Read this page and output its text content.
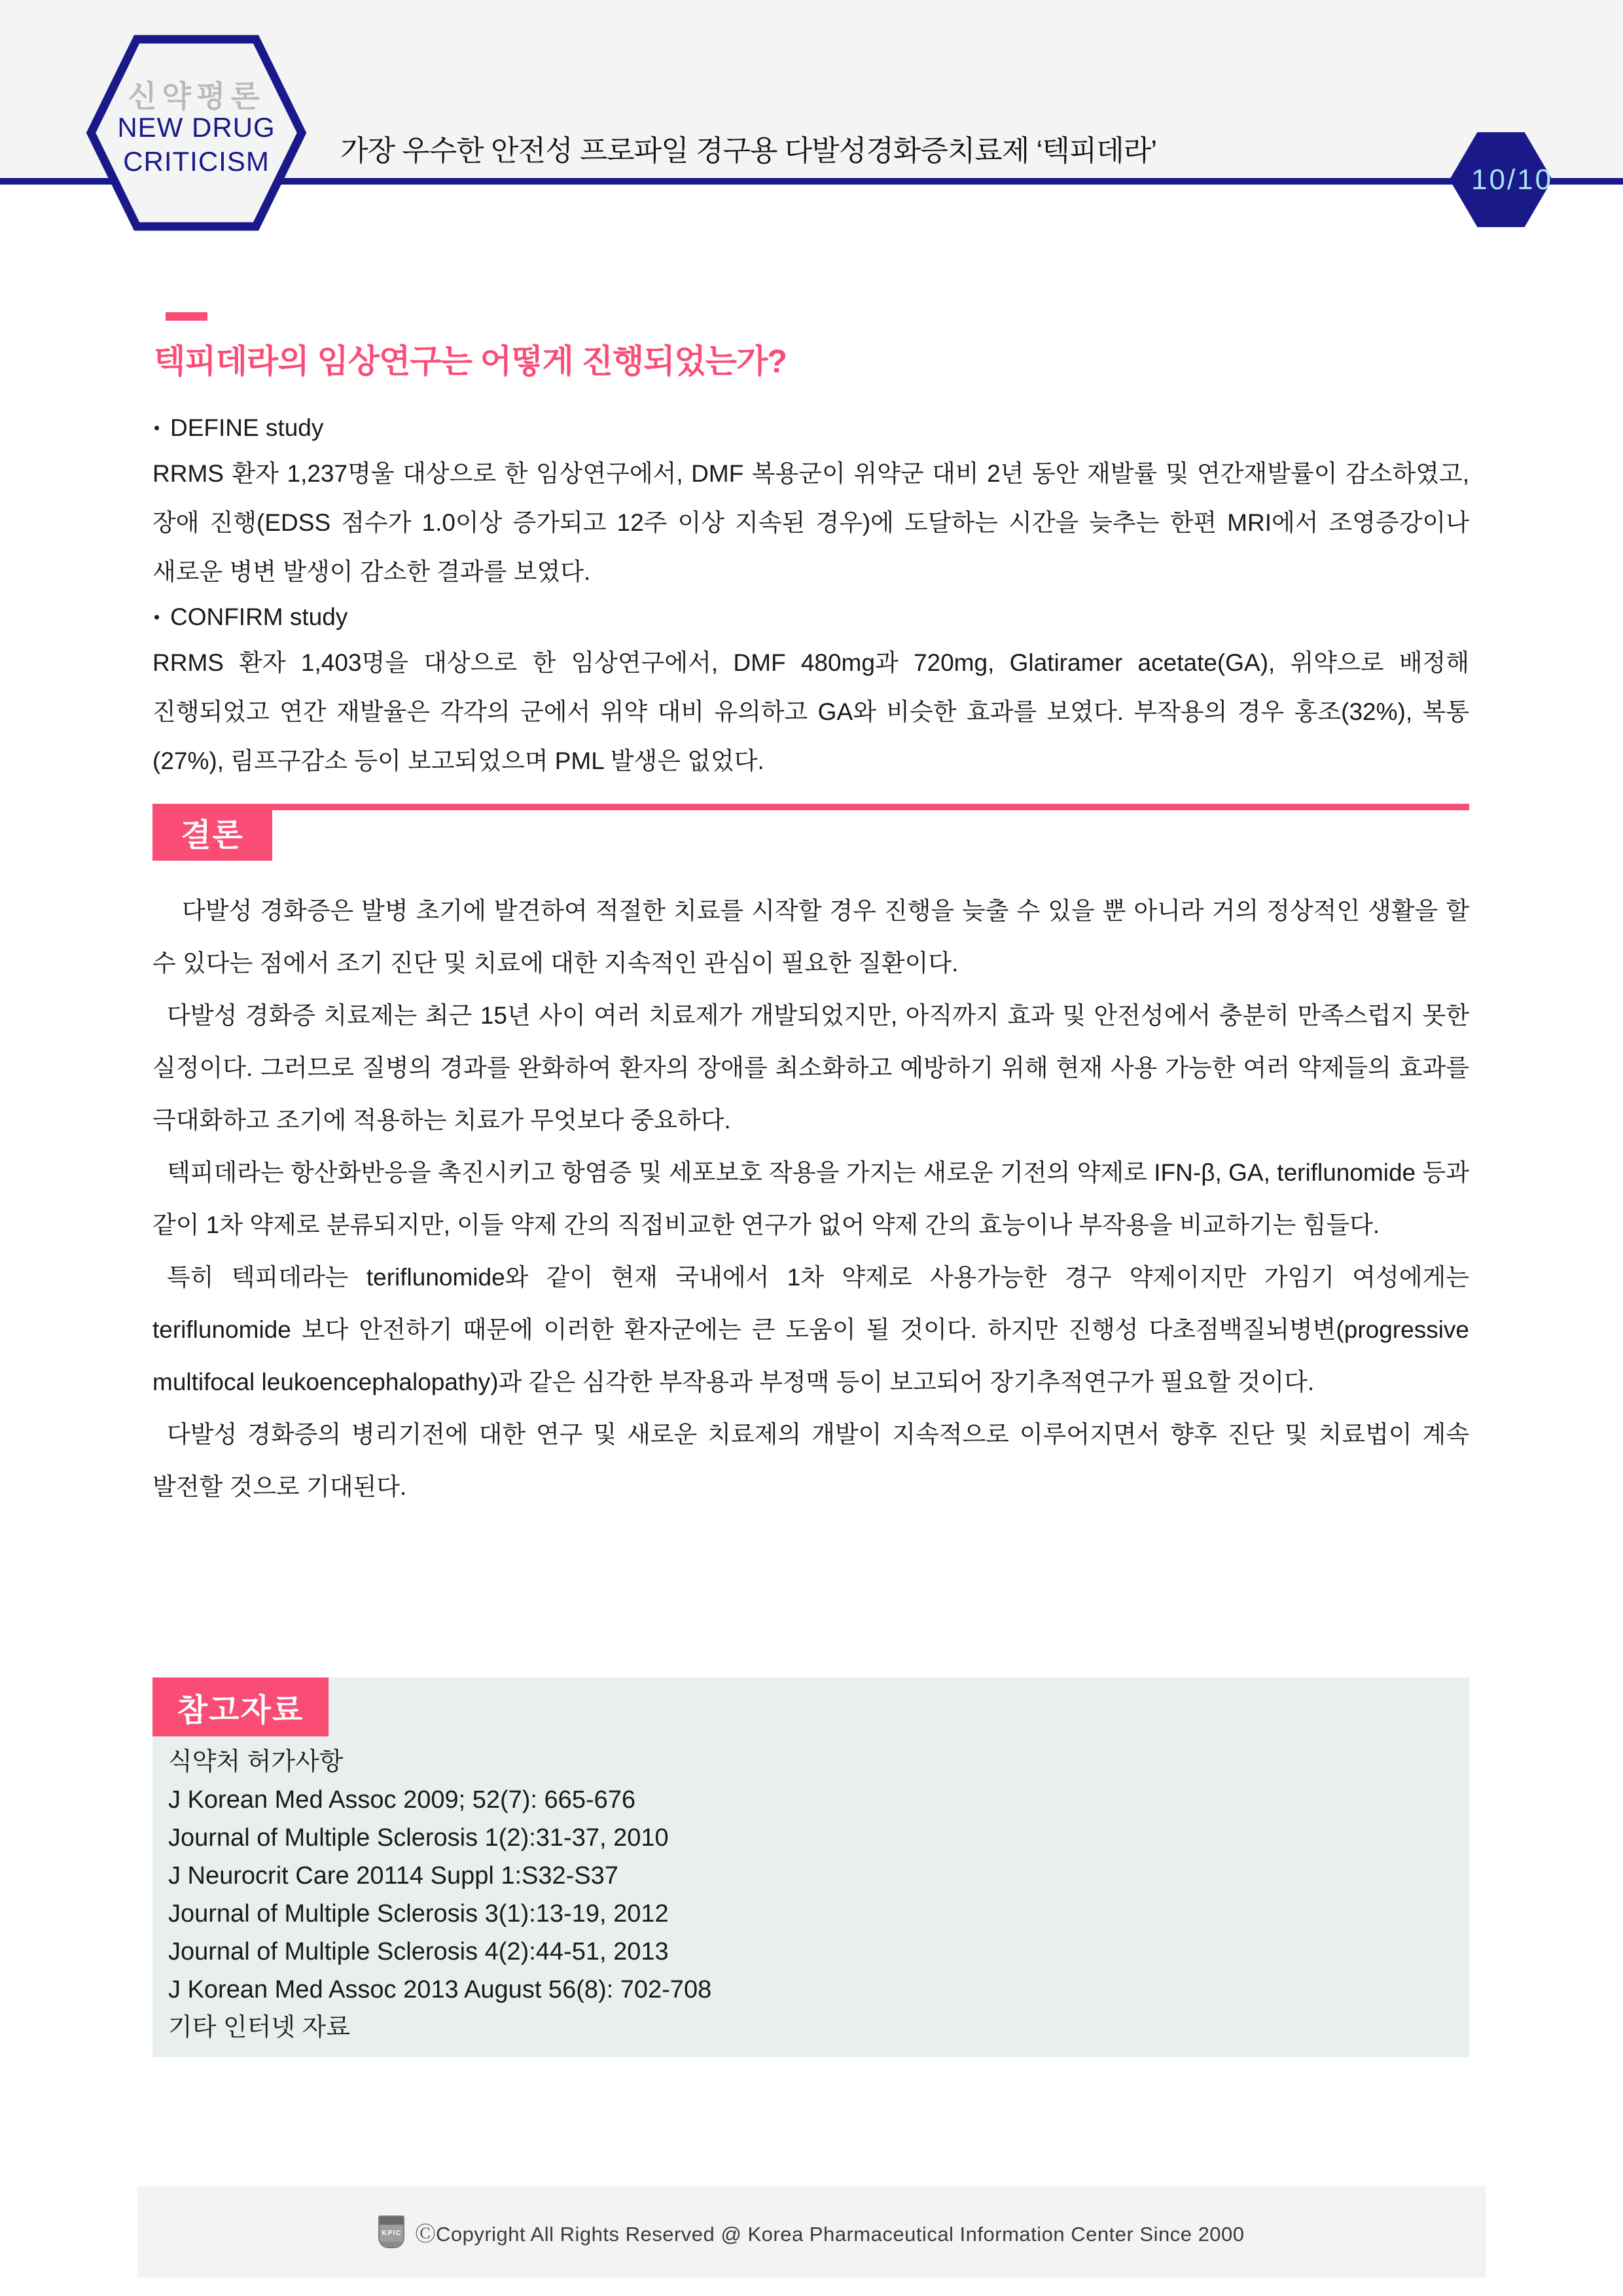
신약평론
NEW DRUG
CRITICISM	가장 우수한 안전성 프로파일 경구용 다발성경화증치료제 ‘텍피데라’
10/10
텍피데라의 임상연구는 어떻게 진행되었는가?
• DEFINE study

RRMS 환자 1,237명울 대상으로 한 임상연구에서, DMF 복용군이 위약군 대비 2년 동안 재발률 및 연간재발률이 감소하였고, 장애 진행(EDSS 점수가 1.0이상 증가되고 12주 이상 지속된 경우)에 도달하는 시간을 늦추는 한편 MRI에서 조영증강이나 새로운 병변 발생이 감소한 결과를 보였다.

• CONFIRM study

RRMS 환자 1,403명을 대상으로 한 임상연구에서, DMF 480mg과 720mg, Glatiramer acetate(GA), 위약으로 배정해 진행되었고 연간 재발율은 각각의 군에서 위약 대비 유의하고 GA와 비슷한 효과를 보였다. 부작용의 경우 홍조(32%), 복통(27%), 림프구감소 등이 보고되었으며 PML 발생은 없었다.

결론

다발성 경화증은 발병 초기에 발견하여 적절한 치료를 시작할 경우 진행을 늦출 수 있을 뿐 아니라 거의 정상적인 생활을 할 수 있다는 점에서 조기 진단 및 치료에 대한 지속적인 관심이 필요한 질환이다.

다발성 경화증 치료제는 최근 15년 사이 여러 치료제가 개발되었지만, 아직까지 효과 및 안전성에서 충분히 만족스럽지 못한 실정이다. 그러므로 질병의 경과를 완화하여 환자의 장애를 최소화하고 예방하기 위해 현재 사용 가능한 여러 약제들의 효과를 극대화하고 조기에 적용하는 치료가 무엇보다 중요하다.

텍피데라는 항산화반응을 촉진시키고 항염증 및 세포보호 작용을 가지는 새로운 기전의 약제로 IFN-β, GA, teriflunomide 등과 같이 1차 약제로 분류되지만, 이들 약제 간의 직접비교한 연구가 없어 약제 간의 효능이나 부작용을 비교하기는 힘들다.

특히 텍피데라는 teriflunomide와 같이 현재 국내에서 1차 약제로 사용가능한 경구 약제이지만 가임기 여성에게는 teriflunomide 보다 안전하기 때문에 이러한 환자군에는 큰 도움이 될 것이다. 하지만 진행성 다초점백질뇌병변(progressive multifocal leukoencephalopathy)과 같은 심각한 부작용과 부정맥 등이 보고되어 장기추적연구가 필요할 것이다.

다발성 경화증의 병리기전에 대한 연구 및 새로운 치료제의 개발이 지속적으로 이루어지면서 향후 진단 및 치료법이 계속 발전할 것으로 기대된다.

참고자료
식약처 허가사항
J Korean Med Assoc 2009; 52(7): 665-676
Journal of Multiple Sclerosis 1(2):31-37, 2010
J Neurocrit Care 20114 Suppl 1:S32-S37
Journal of Multiple Sclerosis 3(1):13-19, 2012
Journal of Multiple Sclerosis 4(2):44-51, 2013
J Korean Med Assoc 2013 August 56(8): 702-708
기타 인터넷 자료
KPIC ⒸCopyright All Rights Reserved @ Korea Pharmaceutical Information Center Since 2000
